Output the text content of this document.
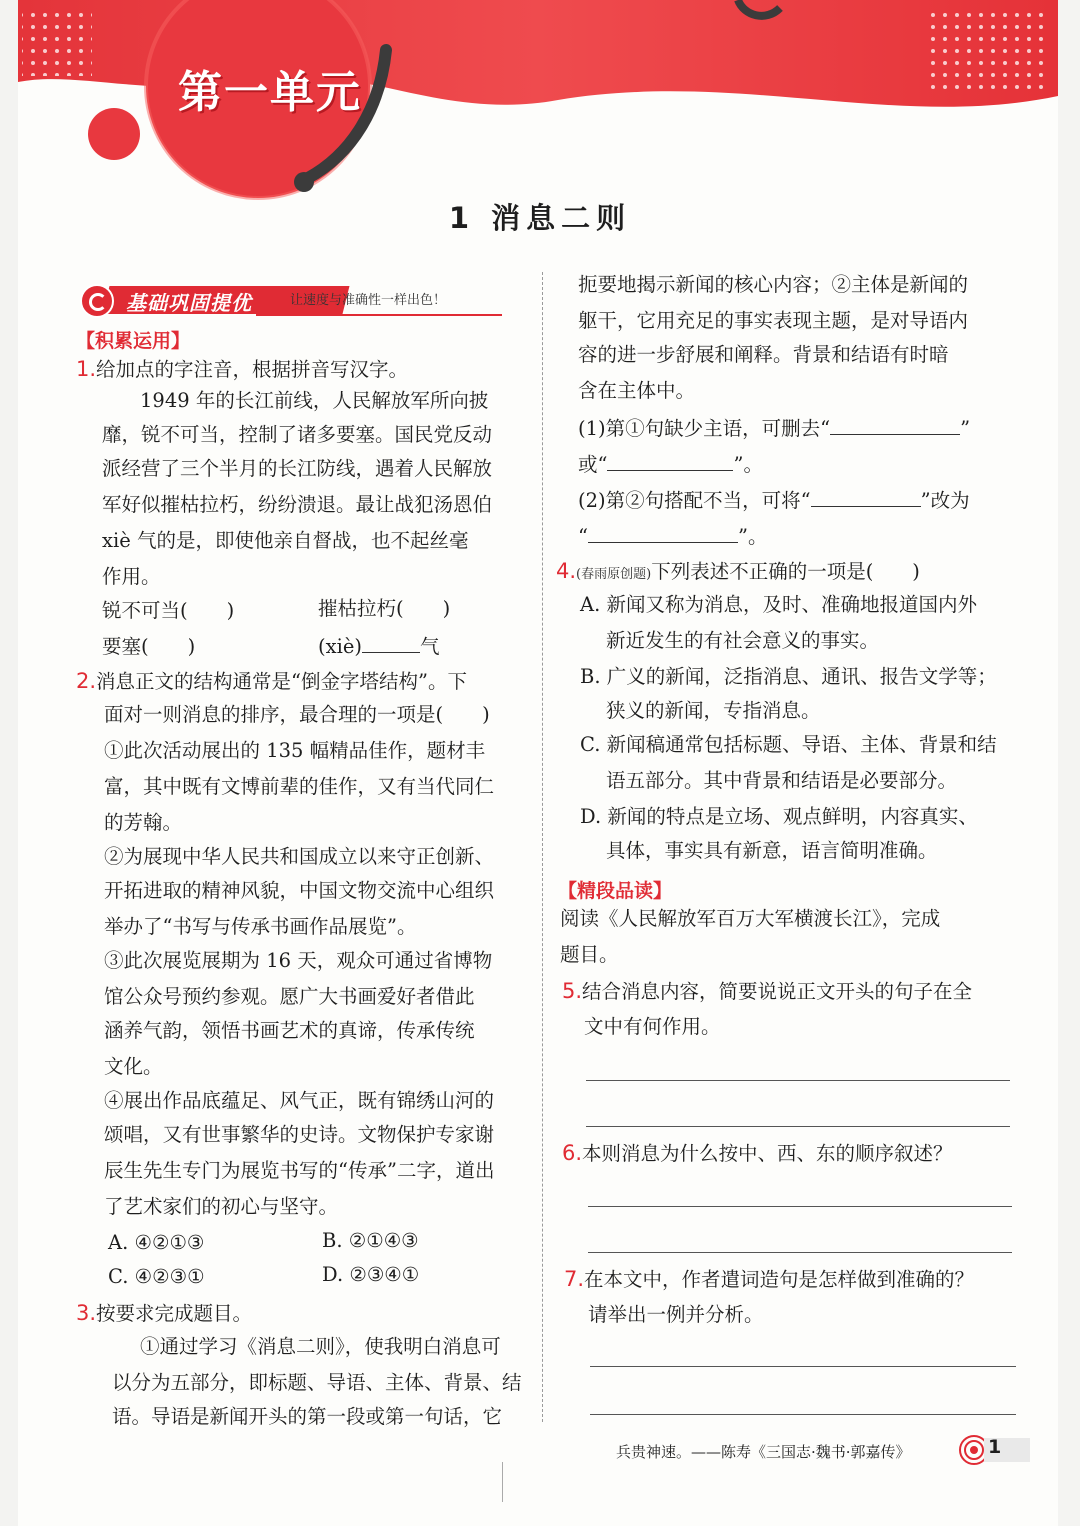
第一单元
1 消息二则
基础巩固提优	让速度与准确性一样出色！
【积累运用】
1.给加点的字注音，根据拼音写汉字。
1949 年的长江前线，人民解放军所向披
靡，锐不可当，控制了诸多要塞。国民党反动
派经营了三个半月的长江防线，遇着人民解放
军好似摧枯拉朽，纷纷溃退。最让战犯汤恩伯
xiè 气的是，即使他亲自督战，也不起丝毫
作用。
锐不可当(　　)	摧枯拉朽(　　)
要塞(　　)	(xiè)	气
2.消息正文的结构通常是“倒金字塔结构”。下
面对一则消息的排序，最合理的一项是(　　)
①此次活动展出的 135 幅精品佳作，题材丰
富，其中既有文博前辈的佳作，又有当代同仁
的芳翰。
②为展现中华人民共和国成立以来守正创新、
开拓进取的精神风貌，中国文物交流中心组织
举办了“书写与传承书画作品展览”。
③此次展览展期为 16 天，观众可通过省博物
馆公众号预约参观。愿广大书画爱好者借此
涵养气韵，领悟书画艺术的真谛，传承传统
文化。
④展出作品底蕴足、风气正，既有锦绣山河的
颂唱，又有世事繁华的史诗。文物保护专家谢
辰生先生专门为展览书写的“传承”二字，道出
了艺术家们的初心与坚守。
A. ④②①③	B. ②①④③
C. ④②③①	D. ②③④①
3.按要求完成题目。
①通过学习《消息二则》，使我明白消息可
以分为五部分，即标题、导语、主体、背景、结
语。导语是新闻开头的第一段或第一句话，它
扼要地揭示新闻的核心内容；②主体是新闻的
躯干，它用充足的事实表现主题，是对导语内
容的进一步舒展和阐释。背景和结语有时暗
含在主体中。
(1)第①句缺少主语，可删去“	”
或“	”。
(2)第②句搭配不当，可将“	”改为
“	”。
4.(春雨原创题)下列表述不正确的一项是(　　)
A. 新闻又称为消息，及时、准确地报道国内外
新近发生的有社会意义的事实。
B. 广义的新闻，泛指消息、通讯、报告文学等；
狭义的新闻，专指消息。
C. 新闻稿通常包括标题、导语、主体、背景和结
语五部分。其中背景和结语是必要部分。
D. 新闻的特点是立场、观点鲜明，内容真实、
具体，事实具有新意，语言简明准确。
【精段品读】
阅读《人民解放军百万大军横渡长江》，完成
题目。
5.结合消息内容，简要说说正文开头的句子在全
文中有何作用。
6.本则消息为什么按中、西、东的顺序叙述？
7.在本文中，作者遣词造句是怎样做到准确的？
请举出一例并分析。
兵贵神速。——陈寿《三国志·魏书·郭嘉传》	1
